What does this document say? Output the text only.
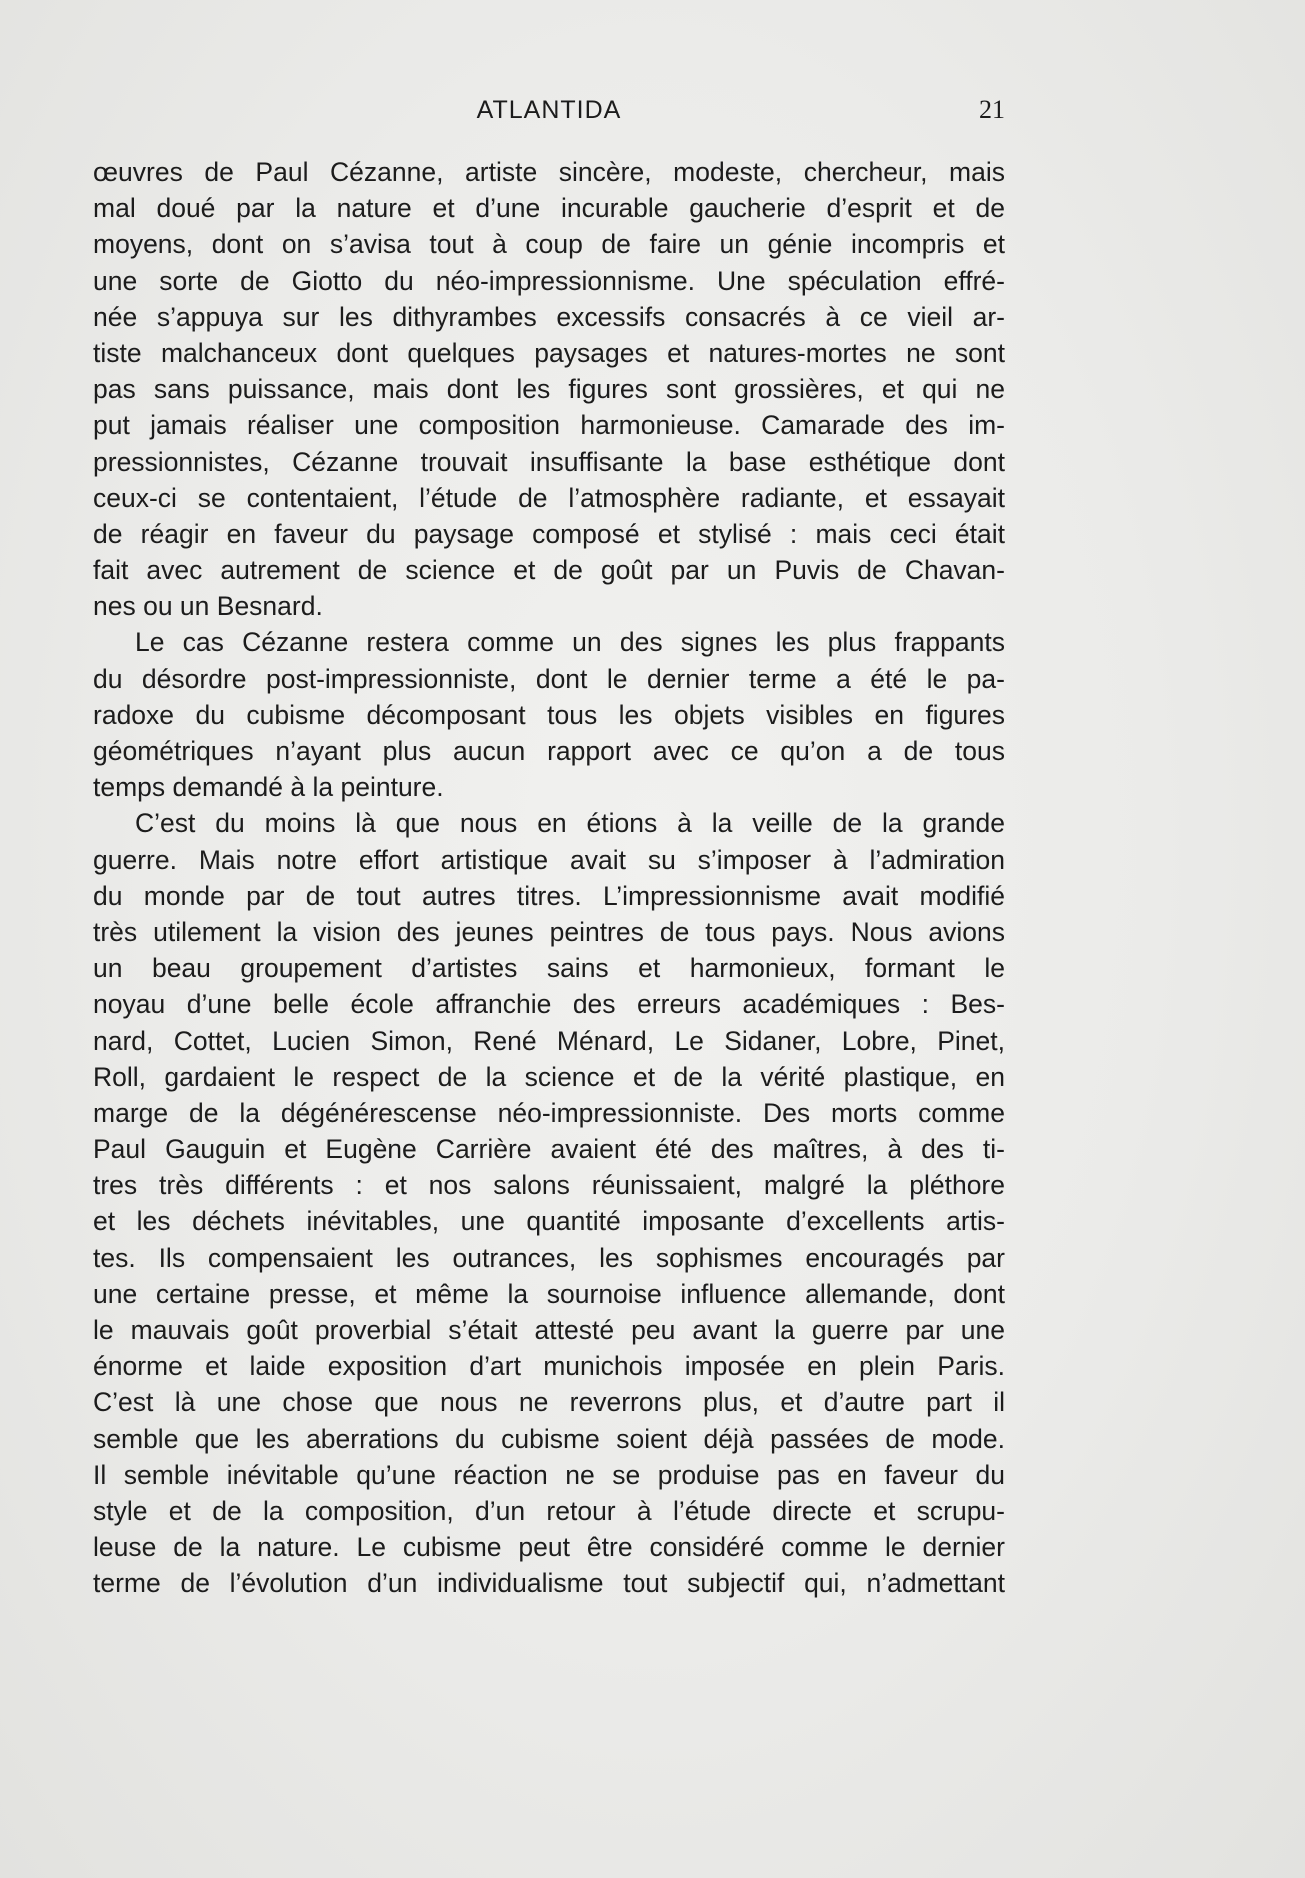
ATLANTIDA	21
œuvres de Paul Cézanne, artiste sincère, modeste, chercheur, mais
mal doué par la nature et d’une incurable gaucherie d’esprit et de
moyens, dont on s’avisa tout à coup de faire un génie incompris et
une sorte de Giotto du néo-impressionnisme. Une spéculation effré-
née s’appuya sur les dithyrambes excessifs consacrés à ce vieil ar-
tiste malchanceux dont quelques paysages et natures-mortes ne sont
pas sans puissance, mais dont les figures sont grossières, et qui ne
put jamais réaliser une composition harmonieuse. Camarade des im-
pressionnistes, Cézanne trouvait insuffisante la base esthétique dont
ceux-ci se contentaient, l’étude de l’atmosphère radiante, et essayait
de réagir en faveur du paysage composé et stylisé : mais ceci était
fait avec autrement de science et de goût par un Puvis de Chavan-
nes ou un Besnard.
Le cas Cézanne restera comme un des signes les plus frappants
du désordre post-impressionniste, dont le dernier terme a été le pa-
radoxe du cubisme décomposant tous les objets visibles en figures
géométriques n’ayant plus aucun rapport avec ce qu’on a de tous
temps demandé à la peinture.
C’est du moins là que nous en étions à la veille de la grande
guerre. Mais notre effort artistique avait su s’imposer à l’admiration
du monde par de tout autres titres. L’impressionnisme avait modifié
très utilement la vision des jeunes peintres de tous pays. Nous avions
un beau groupement d’artistes sains et harmonieux, formant le
noyau d’une belle école affranchie des erreurs académiques : Bes-
nard, Cottet, Lucien Simon, René Ménard, Le Sidaner, Lobre, Pinet,
Roll, gardaient le respect de la science et de la vérité plastique, en
marge de la dégénérescense néo-impressionniste. Des morts comme
Paul Gauguin et Eugène Carrière avaient été des maîtres, à des ti-
tres très différents : et nos salons réunissaient, malgré la pléthore
et les déchets inévitables, une quantité imposante d’excellents artis-
tes. Ils compensaient les outrances, les sophismes encouragés par
une certaine presse, et même la sournoise influence allemande, dont
le mauvais goût proverbial s’était attesté peu avant la guerre par une
énorme et laide exposition d’art munichois imposée en plein Paris.
C’est là une chose que nous ne reverrons plus, et d’autre part il
semble que les aberrations du cubisme soient déjà passées de mode.
Il semble inévitable qu’une réaction ne se produise pas en faveur du
style et de la composition, d’un retour à l’étude directe et scrupu-
leuse de la nature. Le cubisme peut être considéré comme le dernier
terme de l’évolution d’un individualisme tout subjectif qui, n’admettant
